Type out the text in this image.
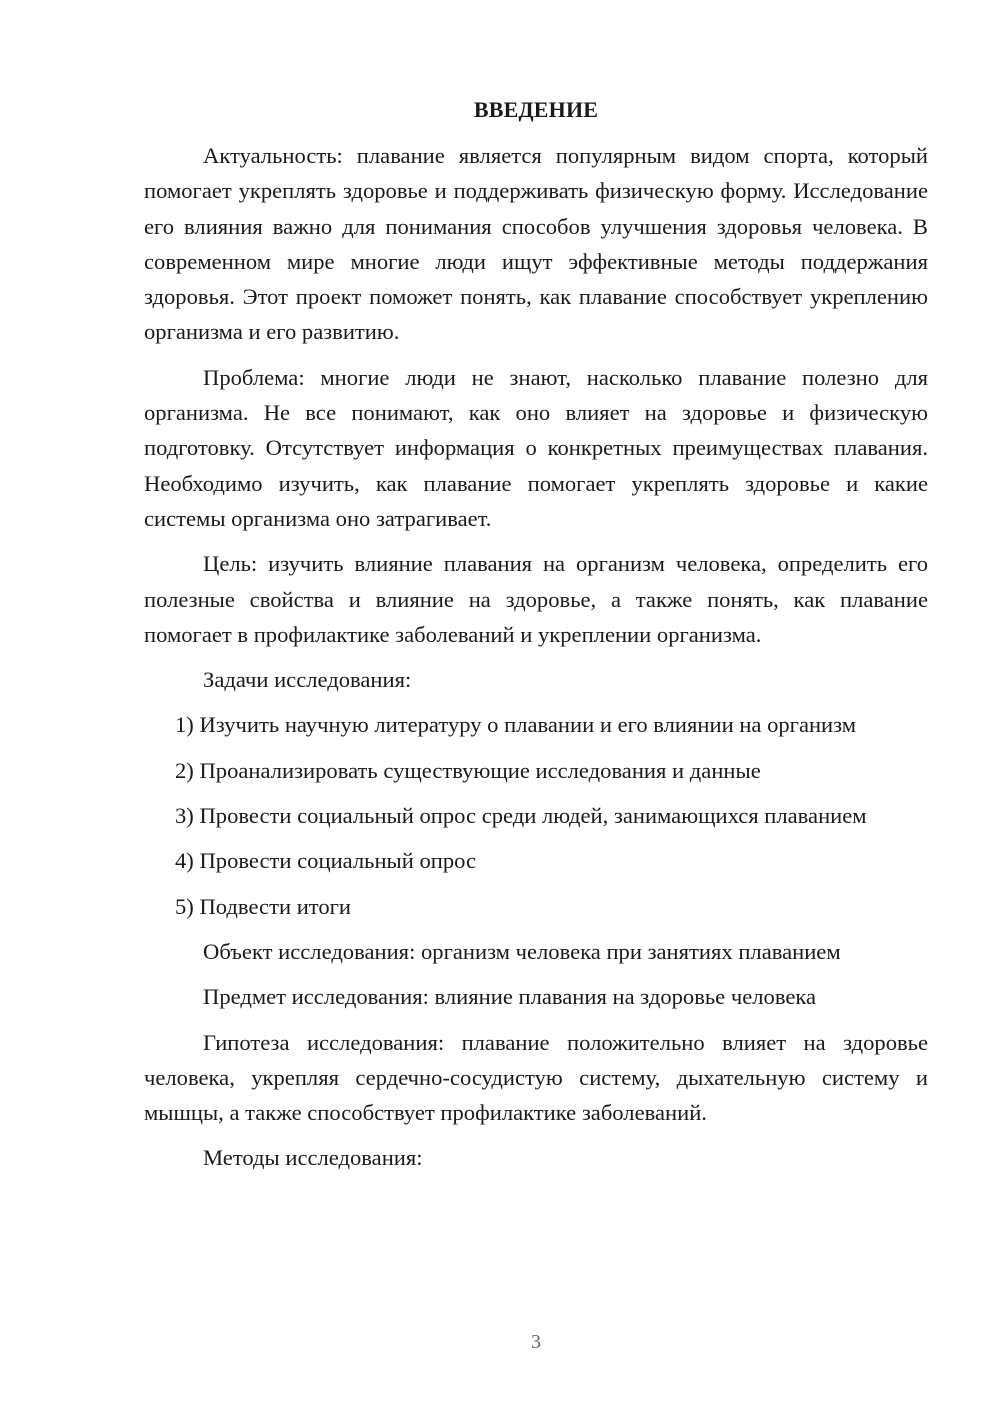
ВВЕДЕНИЕ

Актуальность: плавание является популярным видом спорта, который помогает укреплять здоровье и поддерживать физическую форму. Исследование его влияния важно для понимания способов улучшения здоровья человека. В современном мире многие люди ищут эффективные методы поддержания здоровья. Этот проект поможет понять, как плавание способствует укреплению организма и его развитию.

Проблема: многие люди не знают, насколько плавание полезно для организма. Не все понимают, как оно влияет на здоровье и физическую подготовку. Отсутствует информация о конкретных преимуществах плавания. Необходимо изучить, как плавание помогает укреплять здоровье и какие системы организма оно затрагивает.

Цель: изучить влияние плавания на организм человека, определить его полезные свойства и влияние на здоровье, а также понять, как плавание помогает в профилактике заболеваний и укреплении организма.

Задачи исследования:

1) Изучить научную литературу о плавании и его влиянии на организм

2) Проанализировать существующие исследования и данные

3) Провести социальный опрос среди людей, занимающихся плаванием

4) Провести социальный опрос

5) Подвести итоги

Объект исследования: организм человека при занятиях плаванием

Предмет исследования: влияние плавания на здоровье человека

Гипотеза исследования: плавание положительно влияет на здоровье человека, укрепляя сердечно-сосудистую систему, дыхательную систему и мышцы, а также способствует профилактике заболеваний.

Методы исследования:

3
